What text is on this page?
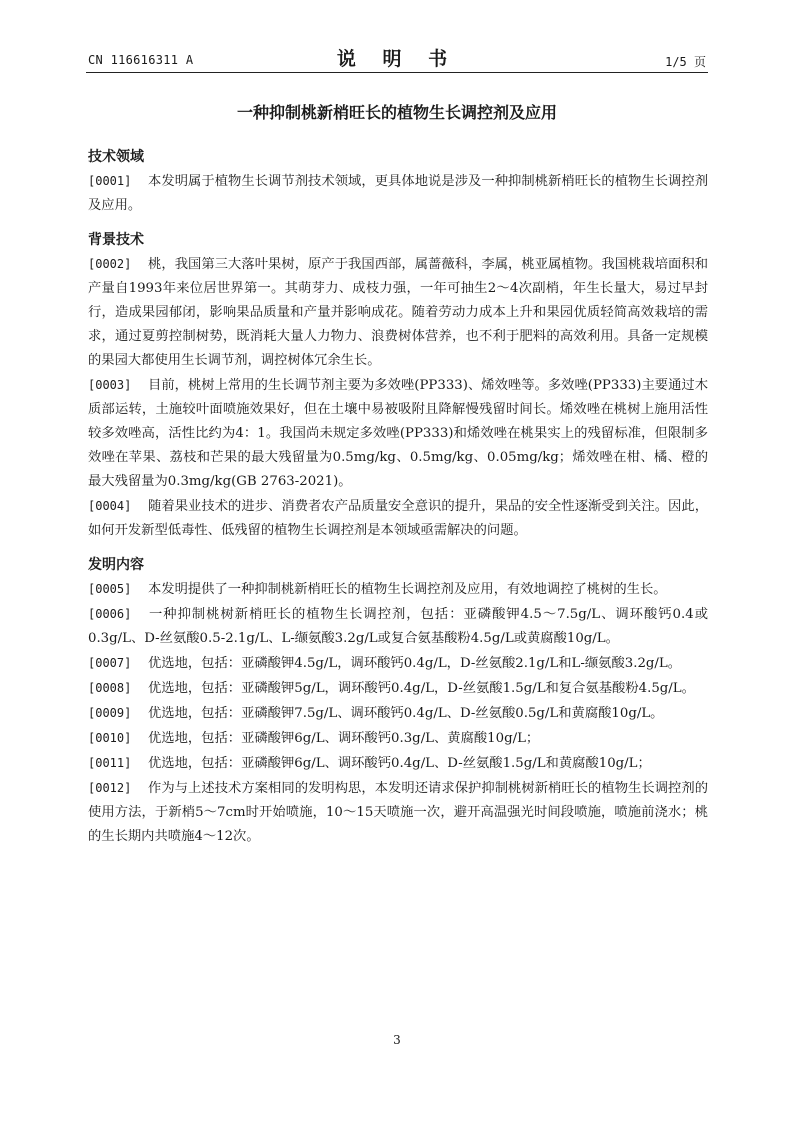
CN 116616311 A	说 明 书	1/5 页
一种抑制桃新梢旺长的植物生长调控剂及应用
技术领域
[0001] 本发明属于植物生长调节剂技术领域，更具体地说是涉及一种抑制桃新梢旺长的植物生长调控剂及应用。
背景技术
[0002] 桃，我国第三大落叶果树，原产于我国西部，属蔷薇科，李属，桃亚属植物。我国桃栽培面积和产量自1993年来位居世界第一。其萌芽力、成枝力强，一年可抽生2～4次副梢，年生长量大，易过早封行，造成果园郁闭，影响果品质量和产量并影响成花。随着劳动力成本上升和果园优质轻简高效栽培的需求，通过夏剪控制树势，既消耗大量人力物力、浪费树体营养，也不利于肥料的高效利用。具备一定规模的果园大都使用生长调节剂，调控树体冗余生长。
[0003] 目前，桃树上常用的生长调节剂主要为多效唑(PP333)、烯效唑等。多效唑(PP333)主要通过木质部运转，土施较叶面喷施效果好，但在土壤中易被吸附且降解慢残留时间长。烯效唑在桃树上施用活性较多效唑高，活性比约为4：1。我国尚未规定多效唑(PP333)和烯效唑在桃果实上的残留标准，但限制多效唑在苹果、荔枝和芒果的最大残留量为0.5mg/kg、0.5mg/kg、0.05mg/kg；烯效唑在柑、橘、橙的最大残留量为0.3mg/kg(GB 2763-2021)。
[0004] 随着果业技术的进步、消费者农产品质量安全意识的提升，果品的安全性逐渐受到关注。因此，如何开发新型低毒性、低残留的植物生长调控剂是本领域亟需解决的问题。
发明内容
[0005] 本发明提供了一种抑制桃新梢旺长的植物生长调控剂及应用，有效地调控了桃树的生长。
[0006] 一种抑制桃树新梢旺长的植物生长调控剂，包括：亚磷酸钾4.5～7.5g/L、调环酸钙0.4或0.3g/L、D-丝氨酸0.5-2.1g/L、L-缬氨酸3.2g/L或复合氨基酸粉4.5g/L或黄腐酸10g/L。
[0007] 优选地，包括：亚磷酸钾4.5g/L，调环酸钙0.4g/L，D-丝氨酸2.1g/L和L-缬氨酸3.2g/L。
[0008] 优选地，包括：亚磷酸钾5g/L，调环酸钙0.4g/L，D-丝氨酸1.5g/L和复合氨基酸粉4.5g/L。
[0009] 优选地，包括：亚磷酸钾7.5g/L、调环酸钙0.4g/L、D-丝氨酸0.5g/L和黄腐酸10g/L。
[0010] 优选地，包括：亚磷酸钾6g/L、调环酸钙0.3g/L、黄腐酸10g/L；
[0011] 优选地，包括：亚磷酸钾6g/L、调环酸钙0.4g/L、D-丝氨酸1.5g/L和黄腐酸10g/L；
[0012] 作为与上述技术方案相同的发明构思，本发明还请求保护抑制桃树新梢旺长的植物生长调控剂的使用方法，于新梢5～7cm时开始喷施，10～15天喷施一次，避开高温强光时间段喷施，喷施前浇水；桃的生长期内共喷施4～12次。
3
